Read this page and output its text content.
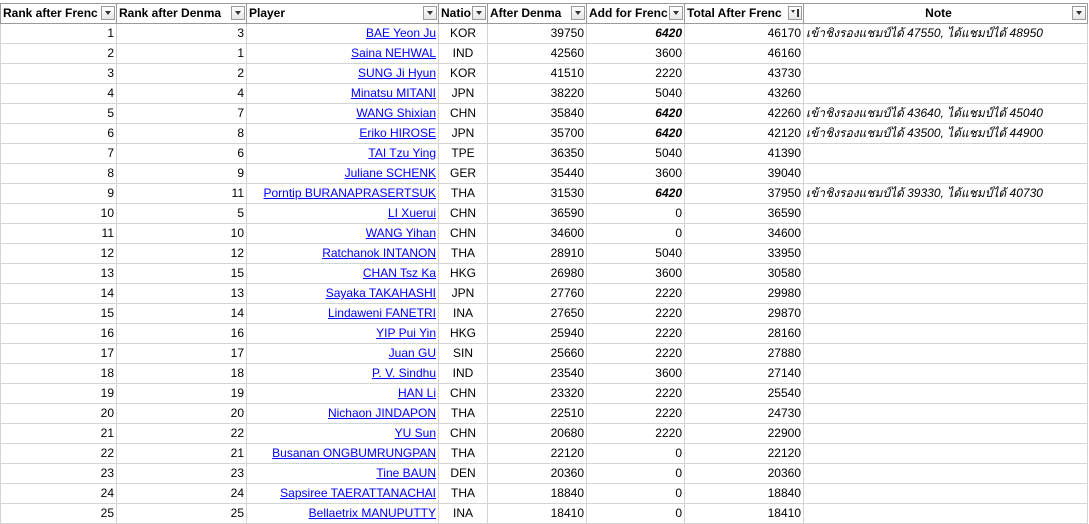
Rank after Frenc	Rank after Denma	Player	Natio	After Denma	Add for Frenc	Total After Frenc	Note

1	3	BAE Yeon Ju	KOR	39750	6420	46170	เข้าชิงรองแชมป์ได้ 47550, ได้แชมป์ได้ 48950
2	1	Saina NEHWAL	IND	42560	3600	46160	
3	2	SUNG Ji Hyun	KOR	41510	2220	43730	
4	4	Minatsu MITANI	JPN	38220	5040	43260	
5	7	WANG Shixian	CHN	35840	6420	42260	เข้าชิงรองแชมป์ได้ 43640, ได้แชมป์ได้ 45040
6	8	Eriko HIROSE	JPN	35700	6420	42120	เข้าชิงรองแชมป์ได้ 43500, ได้แชมป์ได้ 44900
7	6	TAI Tzu Ying	TPE	36350	5040	41390	
8	9	Juliane SCHENK	GER	35440	3600	39040	
9	11	Porntip BURANAPRASERTSUK	THA	31530	6420	37950	เข้าชิงรองแชมป์ได้ 39330, ได้แชมป์ได้ 40730
10	5	LI Xuerui	CHN	36590	0	36590	
11	10	WANG Yihan	CHN	34600	0	34600	
12	12	Ratchanok INTANON	THA	28910	5040	33950	
13	15	CHAN Tsz Ka	HKG	26980	3600	30580	
14	13	Sayaka TAKAHASHI	JPN	27760	2220	29980	
15	14	Lindaweni FANETRI	INA	27650	2220	29870	
16	16	YIP Pui Yin	HKG	25940	2220	28160	
17	17	Juan GU	SIN	25660	2220	27880	
18	18	P. V. Sindhu	IND	23540	3600	27140	
19	19	HAN Li	CHN	23320	2220	25540	
20	20	Nichaon JINDAPON	THA	22510	2220	24730	
21	22	YU Sun	CHN	20680	2220	22900	
22	21	Busanan ONGBUMRUNGPAN	THA	22120	0	22120	
23	23	Tine BAUN	DEN	20360	0	20360	
24	24	Sapsiree TAERATTANACHAI	THA	18840	0	18840	
25	25	Bellaetrix MANUPUTTY	INA	18410	0	18410	
